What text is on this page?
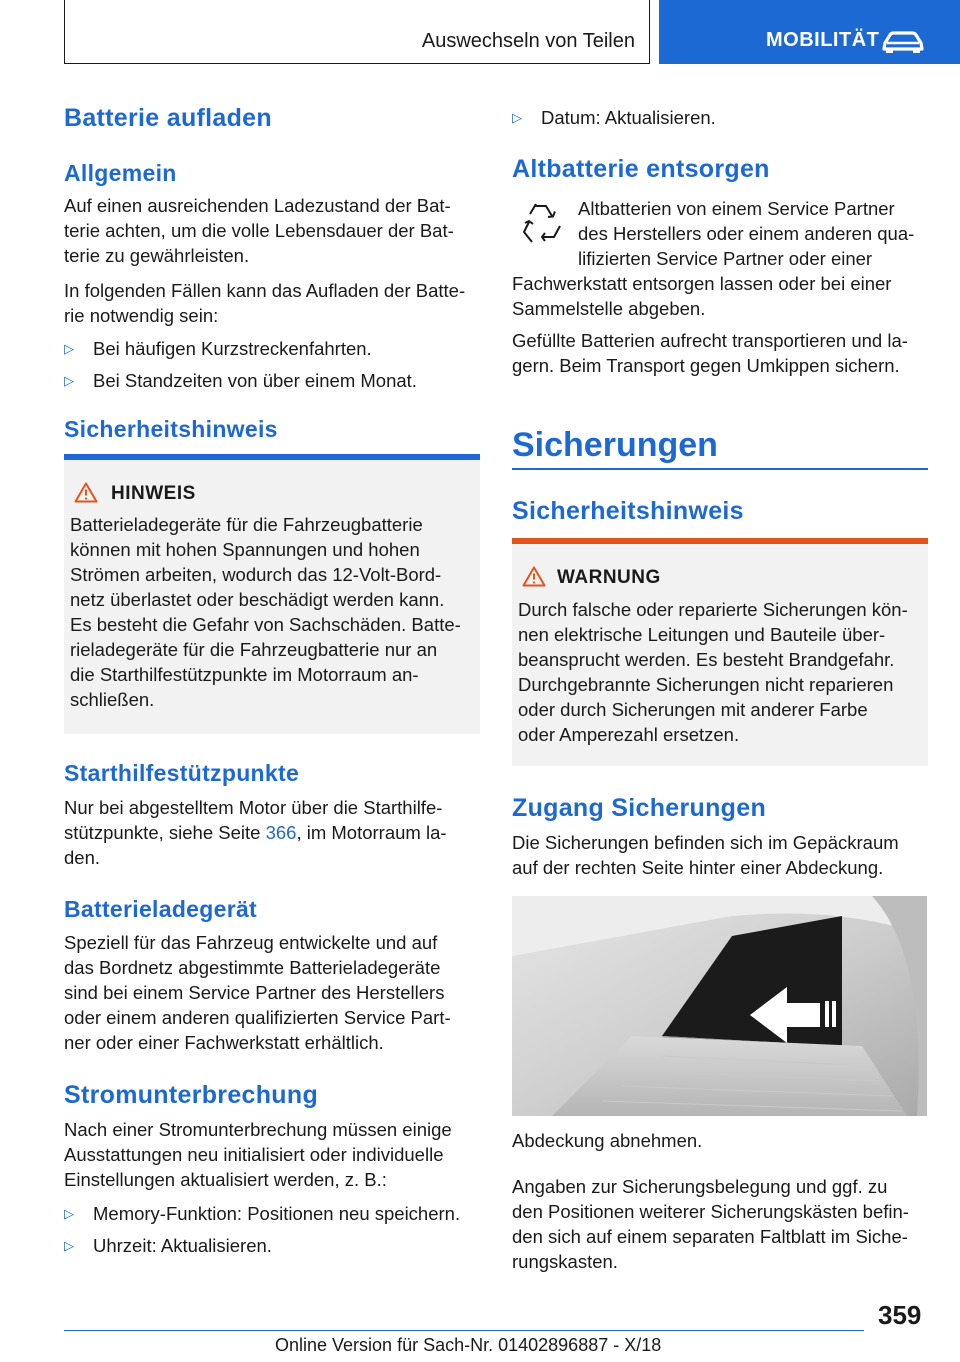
Auswechseln von Teilen	MOBILITÄT
Batterie aufladen
Allgemein
Auf einen ausreichenden Ladezustand der Bat-
terie achten, um die volle Lebensdauer der Bat-
terie zu gewährleisten.
In folgenden Fällen kann das Aufladen der Batte-
rie notwendig sein:
▷ Bei häufigen Kurzstreckenfahrten.
▷ Bei Standzeiten von über einem Monat.
Sicherheitshinweis
HINWEIS
Batterieladegeräte für die Fahrzeugbatterie
können mit hohen Spannungen und hohen
Strömen arbeiten, wodurch das 12-Volt-Bord-
netz überlastet oder beschädigt werden kann.
Es besteht die Gefahr von Sachschäden. Batte-
rieladegeräte für die Fahrzeugbatterie nur an
die Starthilfestützpunkte im Motorraum an-
schließen.
Starthilfestützpunkte
Nur bei abgestelltem Motor über die Starthilfe-
stützpunkte, siehe Seite 366, im Motorraum la-
den.
Batterieladegerät
Speziell für das Fahrzeug entwickelte und auf
das Bordnetz abgestimmte Batterieladegeräte
sind bei einem Service Partner des Herstellers
oder einem anderen qualifizierten Service Part-
ner oder einer Fachwerkstatt erhältlich.
Stromunterbrechung
Nach einer Stromunterbrechung müssen einige
Ausstattungen neu initialisiert oder individuelle
Einstellungen aktualisiert werden, z. B.:
▷ Memory-Funktion: Positionen neu speichern.
▷ Uhrzeit: Aktualisieren.
▷ Datum: Aktualisieren.
Altbatterie entsorgen
Altbatterien von einem Service Partner
des Herstellers oder einem anderen qua-
lifizierten Service Partner oder einer
Fachwerkstatt entsorgen lassen oder bei einer
Sammelstelle abgeben.
Gefüllte Batterien aufrecht transportieren und la-
gern. Beim Transport gegen Umkippen sichern.
Sicherungen
Sicherheitshinweis
WARNUNG
Durch falsche oder reparierte Sicherungen kön-
nen elektrische Leitungen und Bauteile über-
beansprucht werden. Es besteht Brandgefahr.
Durchgebrannte Sicherungen nicht reparieren
oder durch Sicherungen mit anderer Farbe
oder Amperezahl ersetzen.
Zugang Sicherungen
Die Sicherungen befinden sich im Gepäckraum
auf der rechten Seite hinter einer Abdeckung.
Abdeckung abnehmen.
Angaben zur Sicherungsbelegung und ggf. zu
den Positionen weiterer Sicherungskästen befin-
den sich auf einem separaten Faltblatt im Siche-
rungskasten.
359
Online Version für Sach-Nr. 01402896887 - X/18
